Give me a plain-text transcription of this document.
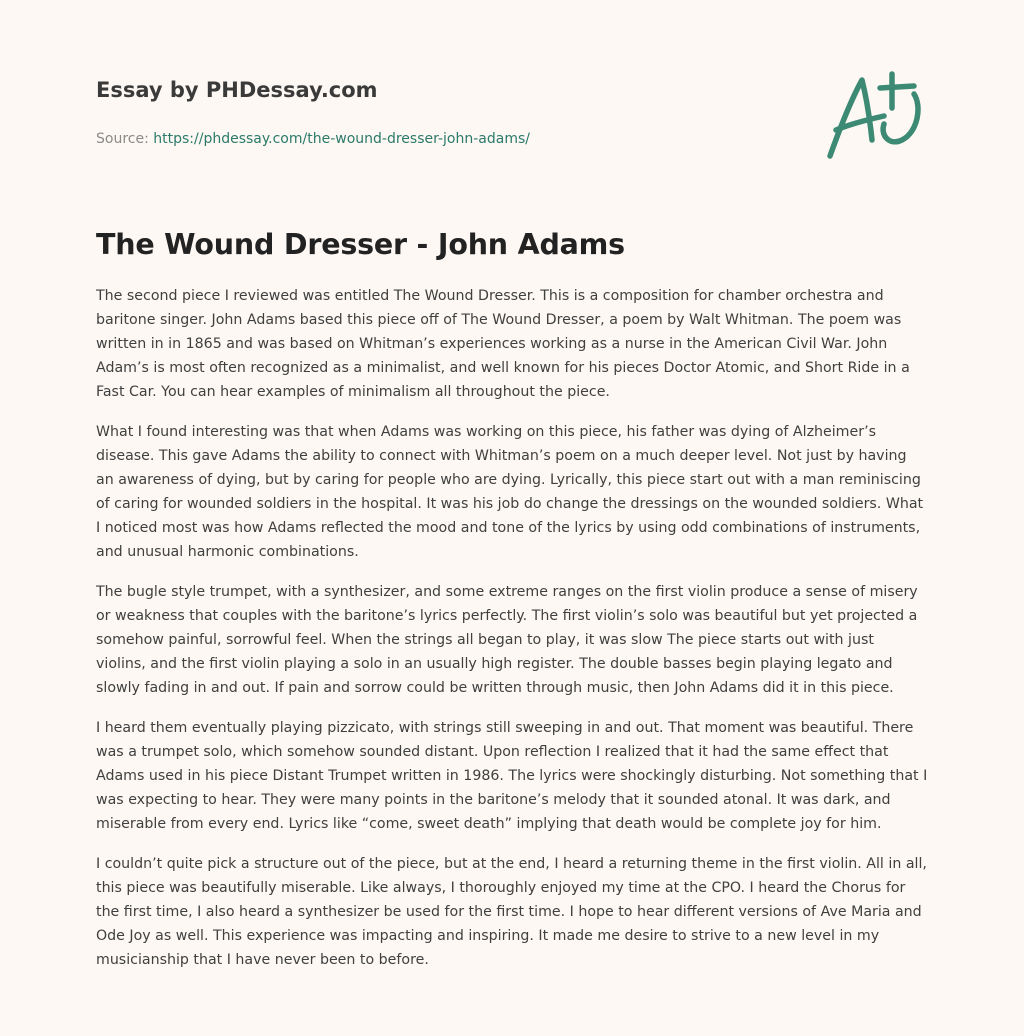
Essay by PHDessay.com

Source: https://phdessay.com/the-wound-dresser-john-adams/
The Wound Dresser - John Adams

The second piece I reviewed was entitled The Wound Dresser. This is a composition for chamber orchestra and baritone singer. John Adams based this piece off of The Wound Dresser, a poem by Walt Whitman. The poem was written in in 1865 and was based on Whitman’s experiences working as a nurse in the American Civil War. John Adam’s is most often recognized as a minimalist, and well known for his pieces Doctor Atomic, and Short Ride in a Fast Car. You can hear examples of minimalism all throughout the piece.

What I found interesting was that when Adams was working on this piece, his father was dying of Alzheimer’s disease. This gave Adams the ability to connect with Whitman’s poem on a much deeper level. Not just by having an awareness of dying, but by caring for people who are dying. Lyrically, this piece start out with a man reminiscing of caring for wounded soldiers in the hospital. It was his job do change the dressings on the wounded soldiers. What I noticed most was how Adams reflected the mood and tone of the lyrics by using odd combinations of instruments, and unusual harmonic combinations.

The bugle style trumpet, with a synthesizer, and some extreme ranges on the first violin produce a sense of misery or weakness that couples with the baritone’s lyrics perfectly. The first violin’s solo was beautiful but yet projected a somehow painful, sorrowful feel. When the strings all began to play, it was slow The piece starts out with just violins, and the first violin playing a solo in an usually high register. The double basses begin playing legato and slowly fading in and out. If pain and sorrow could be written through music, then John Adams did it in this piece.

I heard them eventually playing pizzicato, with strings still sweeping in and out. That moment was beautiful. There was a trumpet solo, which somehow sounded distant. Upon reflection I realized that it had the same effect that Adams used in his piece Distant Trumpet written in 1986. The lyrics were shockingly disturbing. Not something that I was expecting to hear. They were many points in the baritone’s melody that it sounded atonal. It was dark, and miserable from every end. Lyrics like “come, sweet death” implying that death would be complete joy for him.

I couldn’t quite pick a structure out of the piece, but at the end, I heard a returning theme in the first violin. All in all, this piece was beautifully miserable. Like always, I thoroughly enjoyed my time at the CPO. I heard the Chorus for the first time, I also heard a synthesizer be used for the first time. I hope to hear different versions of Ave Maria and Ode Joy as well. This experience was impacting and inspiring. It made me desire to strive to a new level in my musicianship that I have never been to before.
